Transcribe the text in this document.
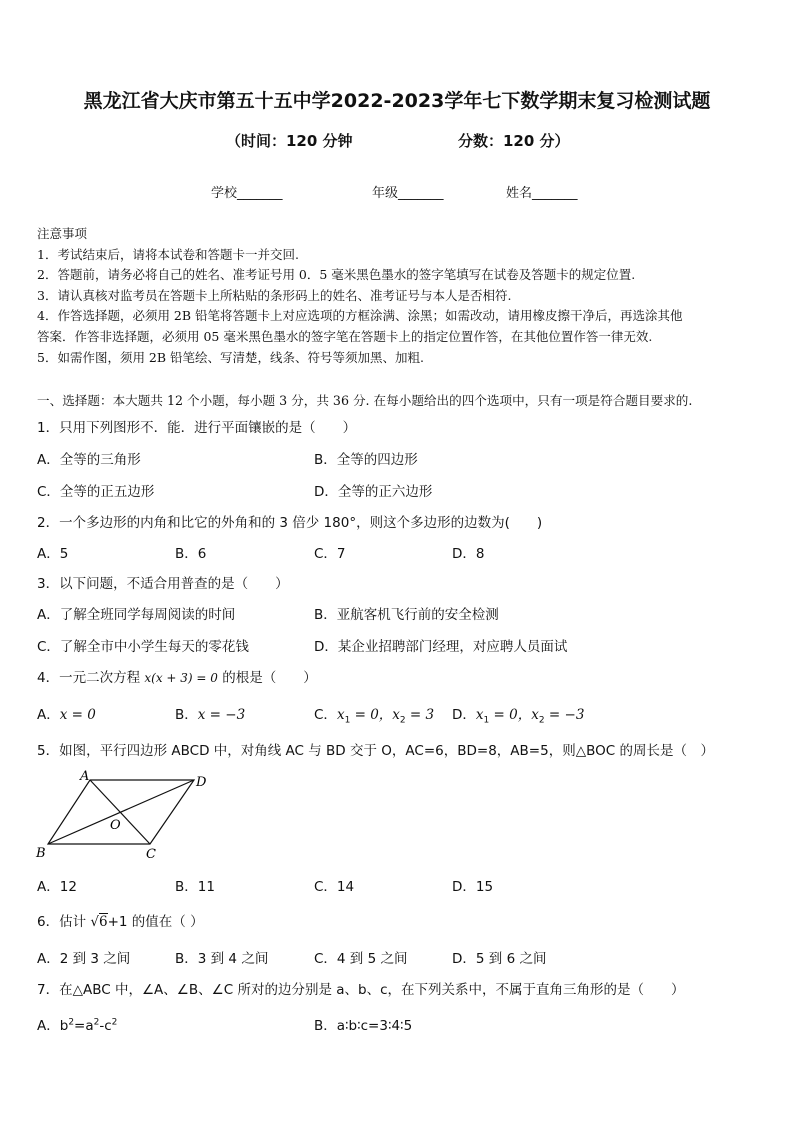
黑龙江省大庆市第五十五中学2022-2023学年七下数学期末复习检测试题
（时间：120 分钟	分数：120 分）
学校_______	年级_______	姓名_______
注意事项
1．考试结束后，请将本试卷和答题卡一并交回.
2．答题前，请务必将自己的姓名、准考证号用 0．5 毫米黑色墨水的签字笔填写在试卷及答题卡的规定位置.
3．请认真核对监考员在答题卡上所粘贴的条形码上的姓名、准考证号与本人是否相符.
4．作答选择题，必须用 2B 铅笔将答题卡上对应选项的方框涂满、涂黑；如需改动，请用橡皮擦干净后，再选涂其他
答案．作答非选择题，必须用 05 毫米黑色墨水的签字笔在答题卡上的指定位置作答，在其他位置作答一律无效.
5．如需作图，须用 2B 铅笔绘、写清楚，线条、符号等须加黑、加粗.
一、选择题：本大题共 12 个小题，每小题 3 分，共 36 分. 在每小题给出的四个选项中，只有一项是符合题目要求的.
1．只用下列图形不．能．进行平面镶嵌的是（　　）
A．全等的三角形	B．全等的四边形
C．全等的正五边形	D．全等的正六边形
2．一个多边形的内角和比它的外角和的 3 倍少 180°，则这个多边形的边数为(　　)
A．5	B．6	C．7	D．8
3．以下问题，不适合用普查的是（　　）
A．了解全班同学每周阅读的时间	B．亚航客机飞行前的安全检测
C．了解全市中小学生每天的零花钱	D．某企业招聘部门经理，对应聘人员面试
4．一元二次方程 x(x + 3) = 0 的根是（　　）
A．x = 0	B．x = −3	C．$x_1 = 0$，$x_2 = 3$ D．$x_1 = 0$，$x_2 = -3$
5．如图，平行四边形 ABCD 中，对角线 AC 与 BD 交于 O，AC=6，BD=8，AB=5，则△BOC 的周长是（　）
A	D
B	C
O
A．12	B．11	C．14	D．15
6．估计 √6+1 的值在（ ）
A．2 到 3 之间	B．3 到 4 之间	C．4 到 5 之间	D．5 到 6 之间
7．在△ABC 中，∠A、∠B、∠C 所对的边分别是 a、b、c，在下列关系中，不属于直角三角形的是（　　）
A．$b^2=a^2-c^2$	B．a∶b∶c=3∶4∶5
